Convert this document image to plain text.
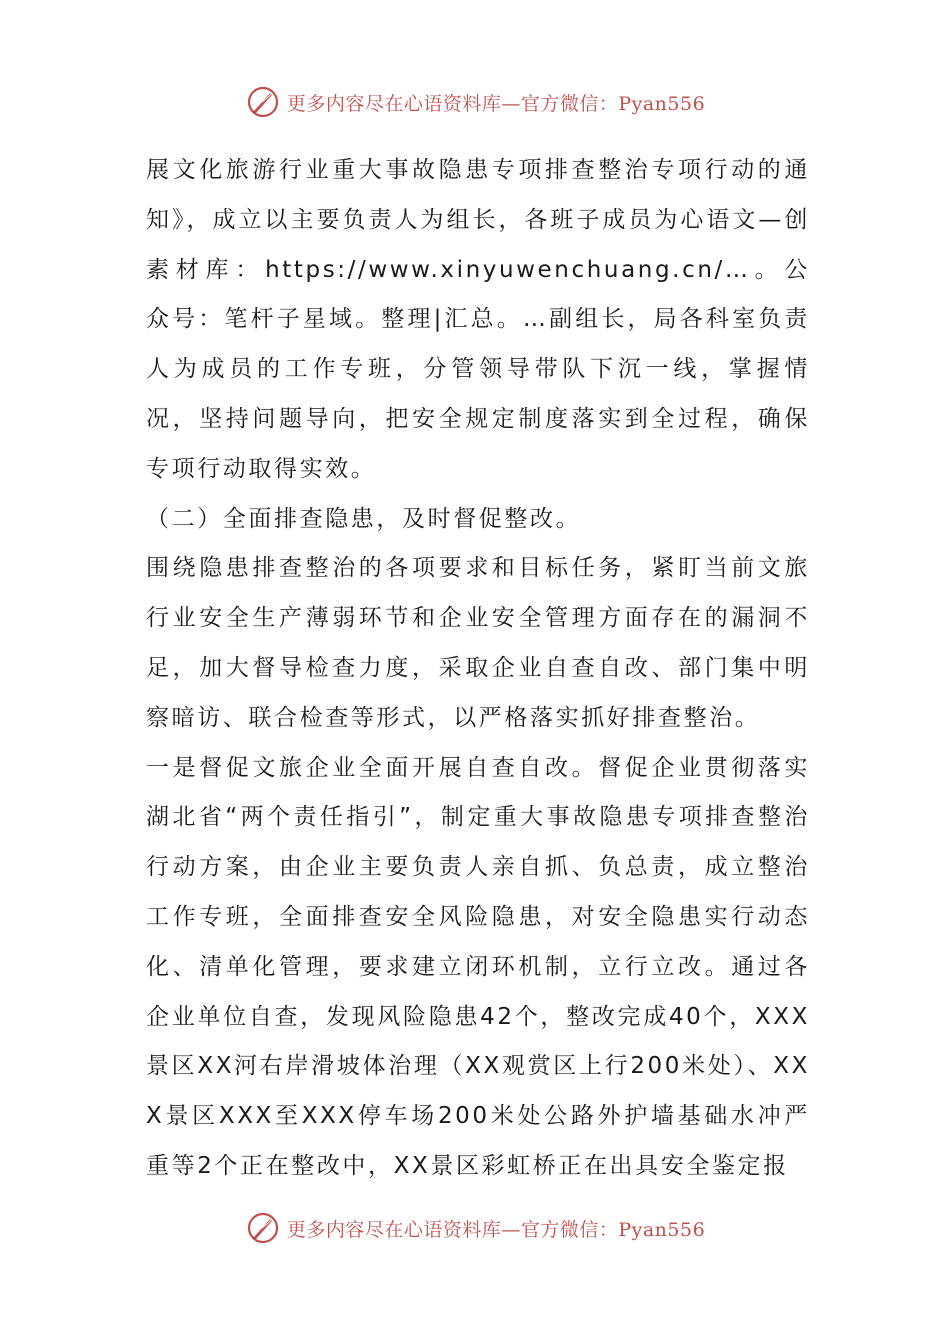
更多内容尽在心语资料库—官方微信：Pyan556

展文化旅游行业重大事故隐患专项排查整治专项行动的通知》，成立以主要负责人为组长，各班子成员为心语文—创素材库：https://www.xinyuwenchuang.cn/…。公众号：笔杆子星域。整理|汇总。…副组长，局各科室负责人为成员的工作专班，分管领导带队下沉一线，掌握情况，坚持问题导向，把安全规定制度落实到全过程，确保专项行动取得实效。

（二）全面排查隐患，及时督促整改。

围绕隐患排查整治的各项要求和目标任务，紧盯当前文旅行业安全生产薄弱环节和企业安全管理方面存在的漏洞不足，加大督导检查力度，采取企业自查自改、部门集中明察暗访、联合检查等形式，以严格落实抓好排查整治。

一是督促文旅企业全面开展自查自改。督促企业贯彻落实湖北省“两个责任指引”，制定重大事故隐患专项排查整治行动方案，由企业主要负责人亲自抓、负总责，成立整治工作专班，全面排查安全风险隐患，对安全隐患实行动态化、清单化管理，要求建立闭环机制，立行立改。通过各企业单位自查，发现风险隐患42个，整改完成40个，XXX景区XX河右岸滑坡体治理（XX观赏区上行200米处）、XXX景区XXX至XXX停车场200米处公路外护墙基础水冲严重等2个正在整改中，XX景区彩虹桥正在出具安全鉴定报

更多内容尽在心语资料库—官方微信：Pyan556
